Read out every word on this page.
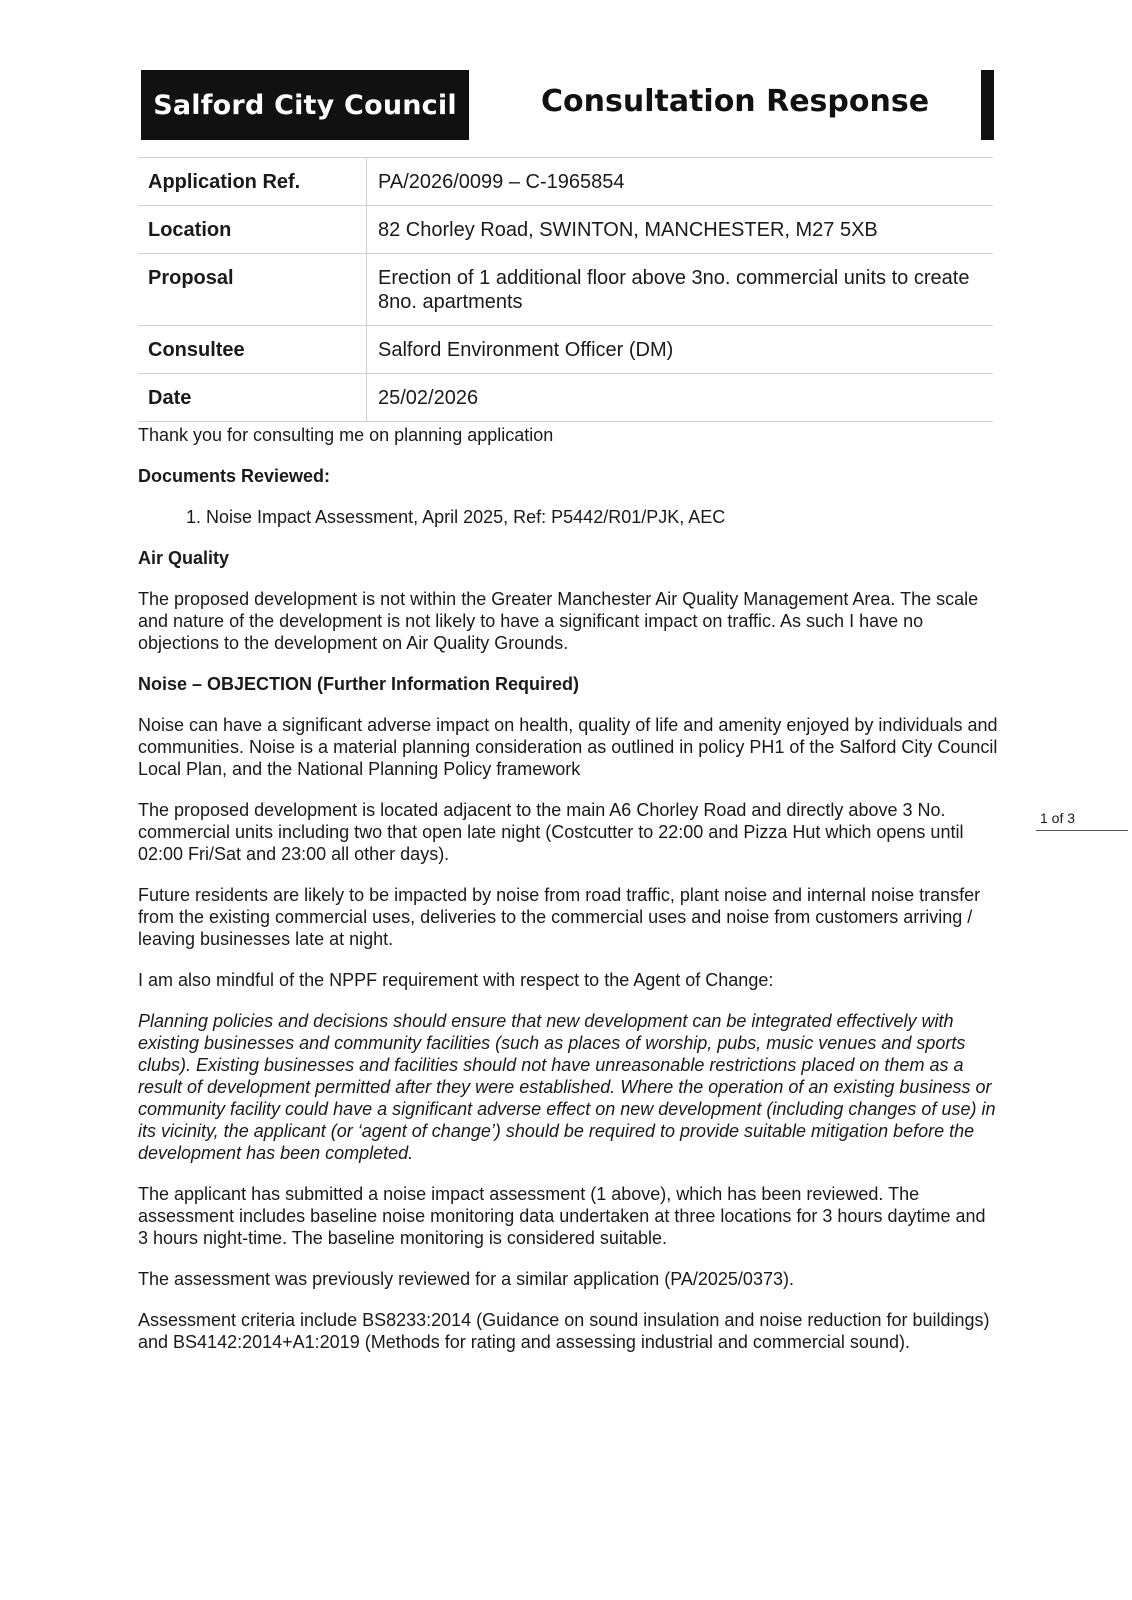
Salford City Council	Consultation Response
Application Ref.	PA/2026/0099 – C-1965854
Location	82 Chorley Road, SWINTON, MANCHESTER, M27 5XB
Proposal	Erection of 1 additional floor above 3no. commercial units to create 8no. apartments
Consultee	Salford Environment Officer (DM)
Date	25/02/2026

Thank you for consulting me on planning application

Documents Reviewed:
1. Noise Impact Assessment, April 2025, Ref: P5442/R01/PJK, AEC
Air Quality

The proposed development is not within the Greater Manchester Air Quality Management Area. The scale and nature of the development is not likely to have a significant impact on traffic. As such I have no objections to the development on Air Quality Grounds.

Noise – OBJECTION (Further Information Required)

Noise can have a significant adverse impact on health, quality of life and amenity enjoyed by individuals and communities. Noise is a material planning consideration as outlined in policy PH1 of the Salford City Council Local Plan, and the National Planning Policy framework

The proposed development is located adjacent to the main A6 Chorley Road and directly above 3 No. commercial units including two that open late night (Costcutter to 22:00 and Pizza Hut which opens until 02:00 Fri/Sat and 23:00 all other days).

Future residents are likely to be impacted by noise from road traffic, plant noise and internal noise transfer from the existing commercial uses, deliveries to the commercial uses and noise from customers arriving / leaving businesses late at night.

I am also mindful of the NPPF requirement with respect to the Agent of Change:

Planning policies and decisions should ensure that new development can be integrated effectively with existing businesses and community facilities (such as places of worship, pubs, music venues and sports clubs). Existing businesses and facilities should not have unreasonable restrictions placed on them as a result of development permitted after they were established. Where the operation of an existing business or community facility could have a significant adverse effect on new development (including changes of use) in its vicinity, the applicant (or ‘agent of change’) should be required to provide suitable mitigation before the development has been completed.

The applicant has submitted a noise impact assessment (1 above), which has been reviewed. The assessment includes baseline noise monitoring data undertaken at three locations for 3 hours daytime and 3 hours night-time. The baseline monitoring is considered suitable.

The assessment was previously reviewed for a similar application (PA/2025/0373).

Assessment criteria include BS8233:2014 (Guidance on sound insulation and noise reduction for buildings) and BS4142:2014+A1:2019 (Methods for rating and assessing industrial and commercial sound).

1 of 3
